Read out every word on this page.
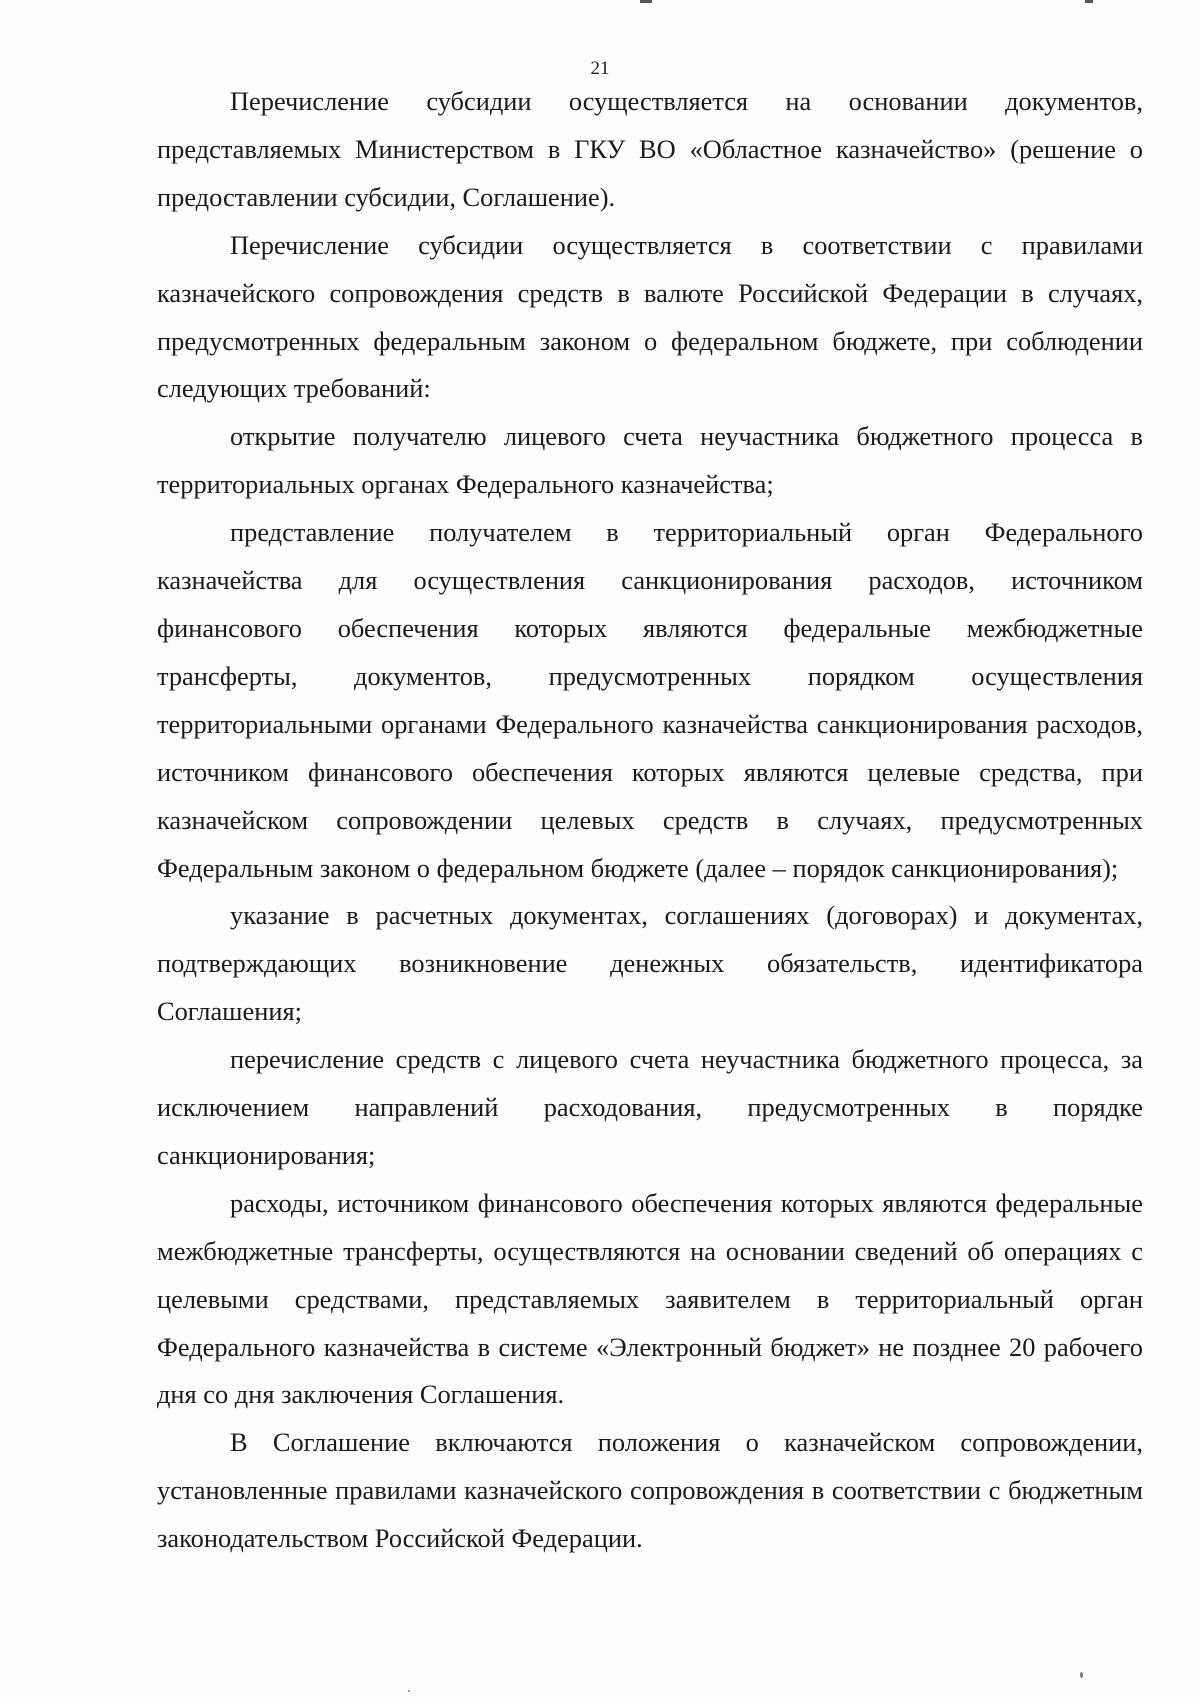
21

Перечисление субсидии осуществляется на основании документов, представляемых Министерством в ГКУ ВО «Областное казначейство» (решение о предоставлении субсидии, Соглашение).

Перечисление субсидии осуществляется в соответствии с правилами казначейского сопровождения средств в валюте Российской Федерации в случаях, предусмотренных федеральным законом о федеральном бюджете, при соблюдении следующих требований:

открытие получателю лицевого счета неучастника бюджетного процесса в территориальных органах Федерального казначейства;

представление получателем в территориальный орган Федерального казначейства для осуществления санкционирования расходов, источником финансового обеспечения которых являются федеральные межбюджетные трансферты, документов, предусмотренных порядком осуществления территориальными органами Федерального казначейства санкционирования расходов, источником финансового обеспечения которых являются целевые средства, при казначейском сопровождении целевых средств в случаях, предусмотренных Федеральным законом о федеральном бюджете (далее – порядок санкционирования);

указание в расчетных документах, соглашениях (договорах) и документах, подтверждающих возникновение денежных обязательств, идентификатора Соглашения;

перечисление средств с лицевого счета неучастника бюджетного процесса, за исключением направлений расходования, предусмотренных в порядке санкционирования;

расходы, источником финансового обеспечения которых являются федеральные межбюджетные трансферты, осуществляются на основании сведений об операциях с целевыми средствами, представляемых заявителем в территориальный орган Федерального казначейства в системе «Электронный бюджет» не позднее 20 рабочего дня со дня заключения Соглашения.

В Соглашение включаются положения о казначейском сопровождении, установленные правилами казначейского сопровождения в соответствии с бюджетным законодательством Российской Федерации.
